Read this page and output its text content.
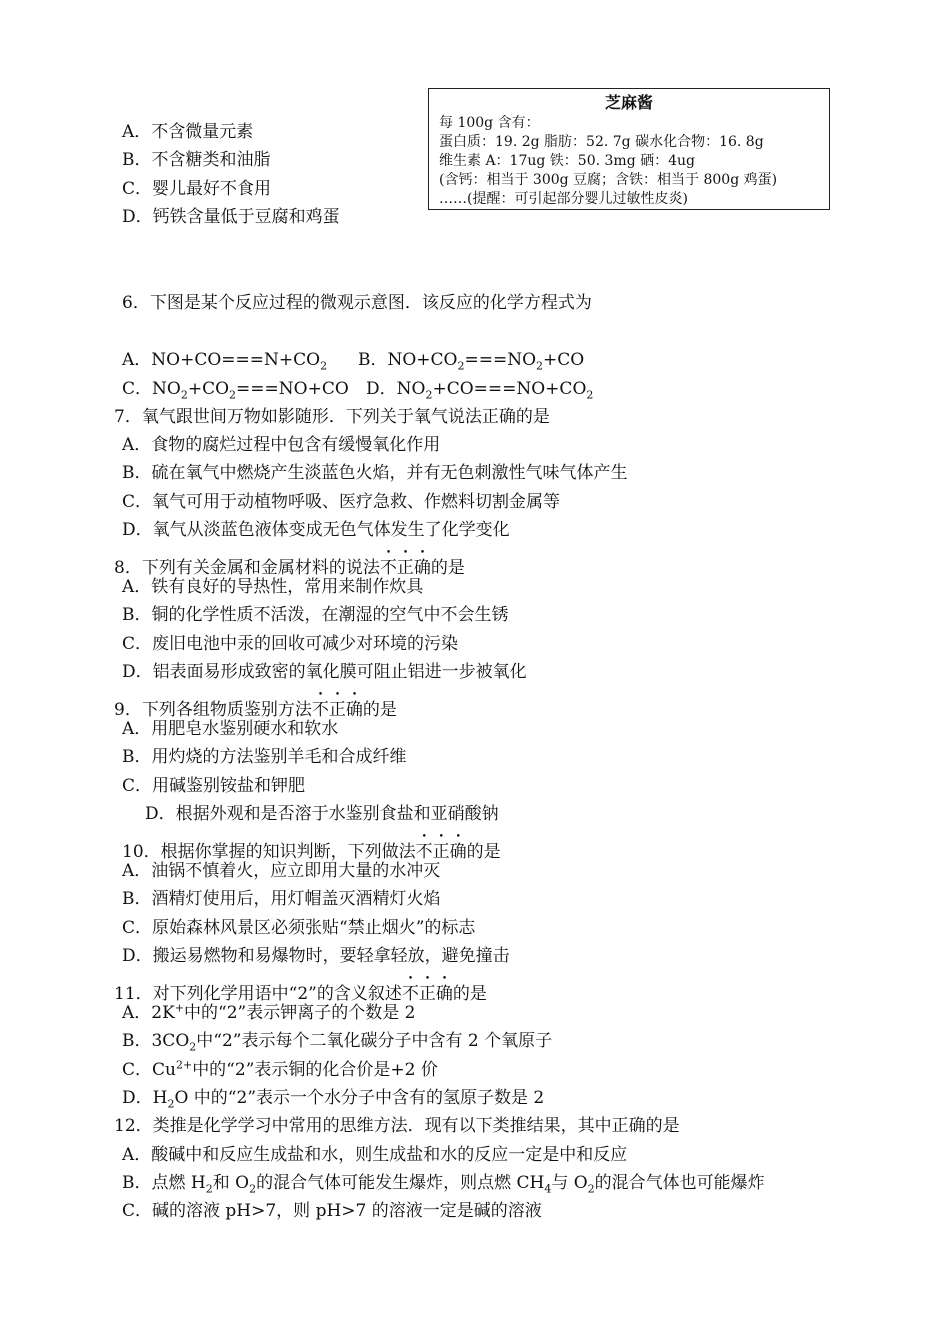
A．不含微量元素
B．不含糖类和油脂
C．婴儿最好不食用
D．钙铁含量低于豆腐和鸡蛋
芝麻酱
每 100g 含有：
蛋白质：19. 2g 脂肪：52. 7g 碳水化合物：16. 8g
维生素 A：17ug 铁：50. 3mg 硒：4ug
(含钙：相当于 300g 豆腐；含铁：相当于 800g 鸡蛋)
……(提醒：可引起部分婴儿过敏性皮炎)
6．下图是某个反应过程的微观示意图．该反应的化学方程式为
A．$NO+CO===N+CO_2$ B．$NO+CO_2===NO_2+CO$
C．$NO_2+CO_2===NO+CO$ D．$NO_2+CO===NO+CO_2$
7．氧气跟世间万物如影随形．下列关于氧气说法正确的是
A．食物的腐烂过程中包含有缓慢氧化作用
B．硫在氧气中燃烧产生淡蓝色火焰，并有无色刺激性气味气体产生
C．氧气可用于动植物呼吸、医疗急救、作燃料切割金属等
D．氧气从淡蓝色液体变成无色气体发生了化学变化
8．下列有关金属和金属材料的说法不正确的是
A．铁有良好的导热性，常用来制作炊具
B．铜的化学性质不活泼，在潮湿的空气中不会生锈
C．废旧电池中汞的回收可减少对环境的污染
D．铝表面易形成致密的氧化膜可阻止铝进一步被氧化
9．下列各组物质鉴别方法不正确的是
A．用肥皂水鉴别硬水和软水
B．用灼烧的方法鉴别羊毛和合成纤维
C．用碱鉴别铵盐和钾肥
D．根据外观和是否溶于水鉴别食盐和亚硝酸钠
10．根据你掌握的知识判断，下列做法不正确的是
A．油锅不慎着火，应立即用大量的水冲灭
B．酒精灯使用后，用灯帽盖灭酒精灯火焰
C．原始森林风景区必须张贴“禁止烟火”的标志
D．搬运易燃物和易爆物时，要轻拿轻放，避免撞击
11．对下列化学用语中“2”的含义叙述不正确的是
A．2K+中的“2”表示钾离子的个数是 2
B．$3CO_2$中“2”表示每个二氧化碳分子中含有 2 个氧原子
C．$Cu^{2+}$中的“2”表示铜的化合价是+2 价
D．$H_2O$ 中的“2”表示一个水分子中含有的氢原子数是 2
12．类推是化学学习中常用的思维方法．现有以下类推结果，其中正确的是
A．酸碱中和反应生成盐和水，则生成盐和水的反应一定是中和反应
B．点燃 $H_2$和 $O_2$的混合气体可能发生爆炸，则点燃 $CH_4$与 $O_2$的混合气体也可能爆炸
C．碱的溶液 pH>7，则 pH>7 的溶液一定是碱的溶液
